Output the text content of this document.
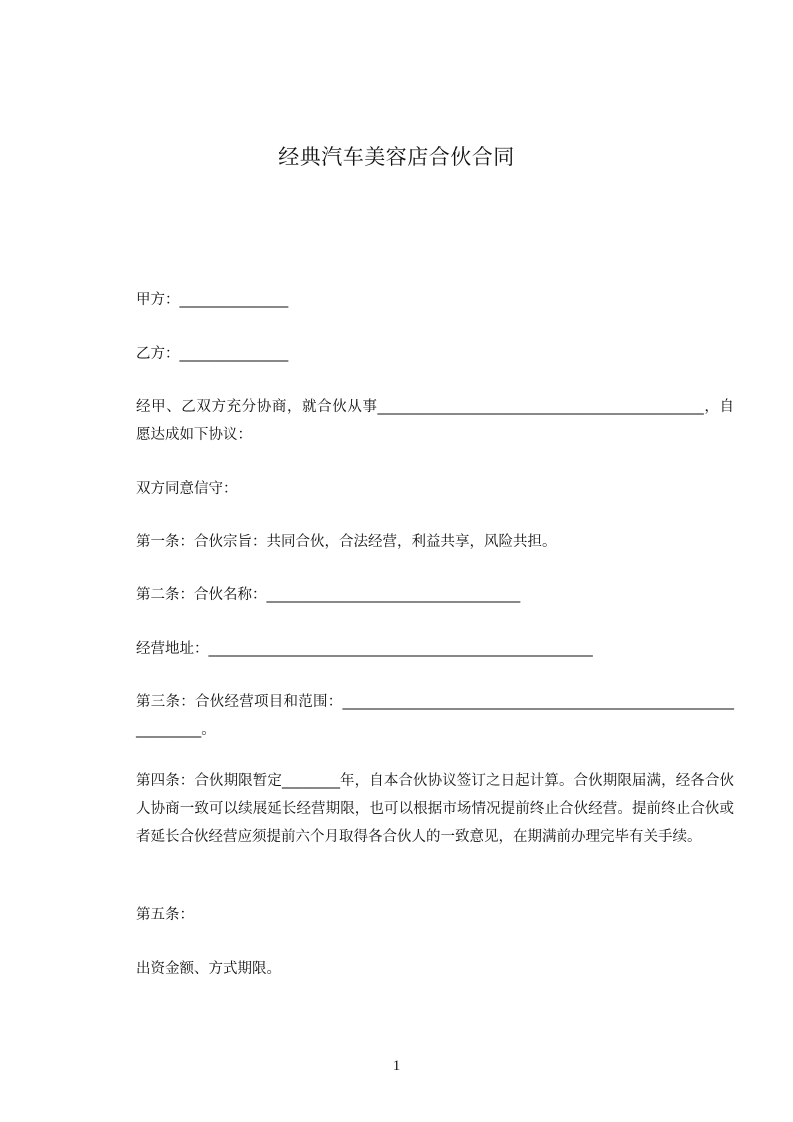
经典汽车美容店合伙合同
甲方：_______________
乙方：_______________
经甲、乙双方充分协商，就合伙从事_____________________________________________，自愿达成如下协议：
双方同意信守：
第一条：合伙宗旨：共同合伙，合法经营，利益共享，风险共担。
第二条：合伙名称：___________________________________
经营地址：_____________________________________________________
第三条：合伙经营项目和范围：_______________________________________________________________。
第四条：合伙期限暂定________年，自本合伙协议签订之日起计算。合伙期限届满，经各合伙人协商一致可以续展延长经营期限，也可以根据市场情况提前终止合伙经营。提前终止合伙或者延长合伙经营应须提前六个月取得各合伙人的一致意见，在期满前办理完毕有关手续。
第五条：
出资金额、方式期限。
1
